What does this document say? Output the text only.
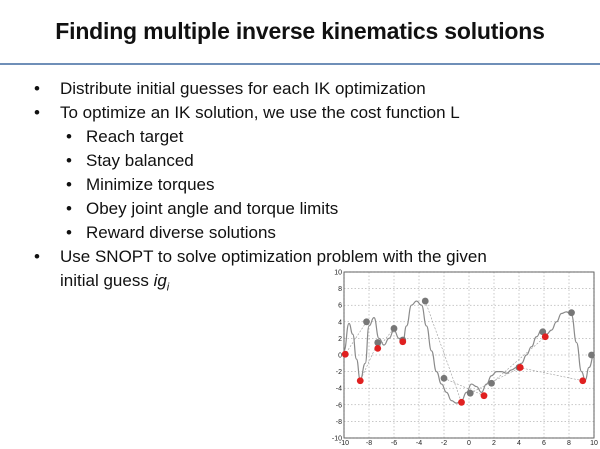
Finding multiple inverse kinematics solutions
• Distribute initial guesses for each IK optimization
• To optimize an IK solution, we use the cost function L
• Reach target
• Stay balanced
• Minimize torques
• Obey joint angle and torque limits
• Reward diverse solutions
• Use SNOPT to solve optimization problem with the given
initial guess $ig_i$
-10 -8	-6	-4	-2	0	2	4	6	8	10
-10
-8
-6
-4
-2
0
2
4
6
8
10
